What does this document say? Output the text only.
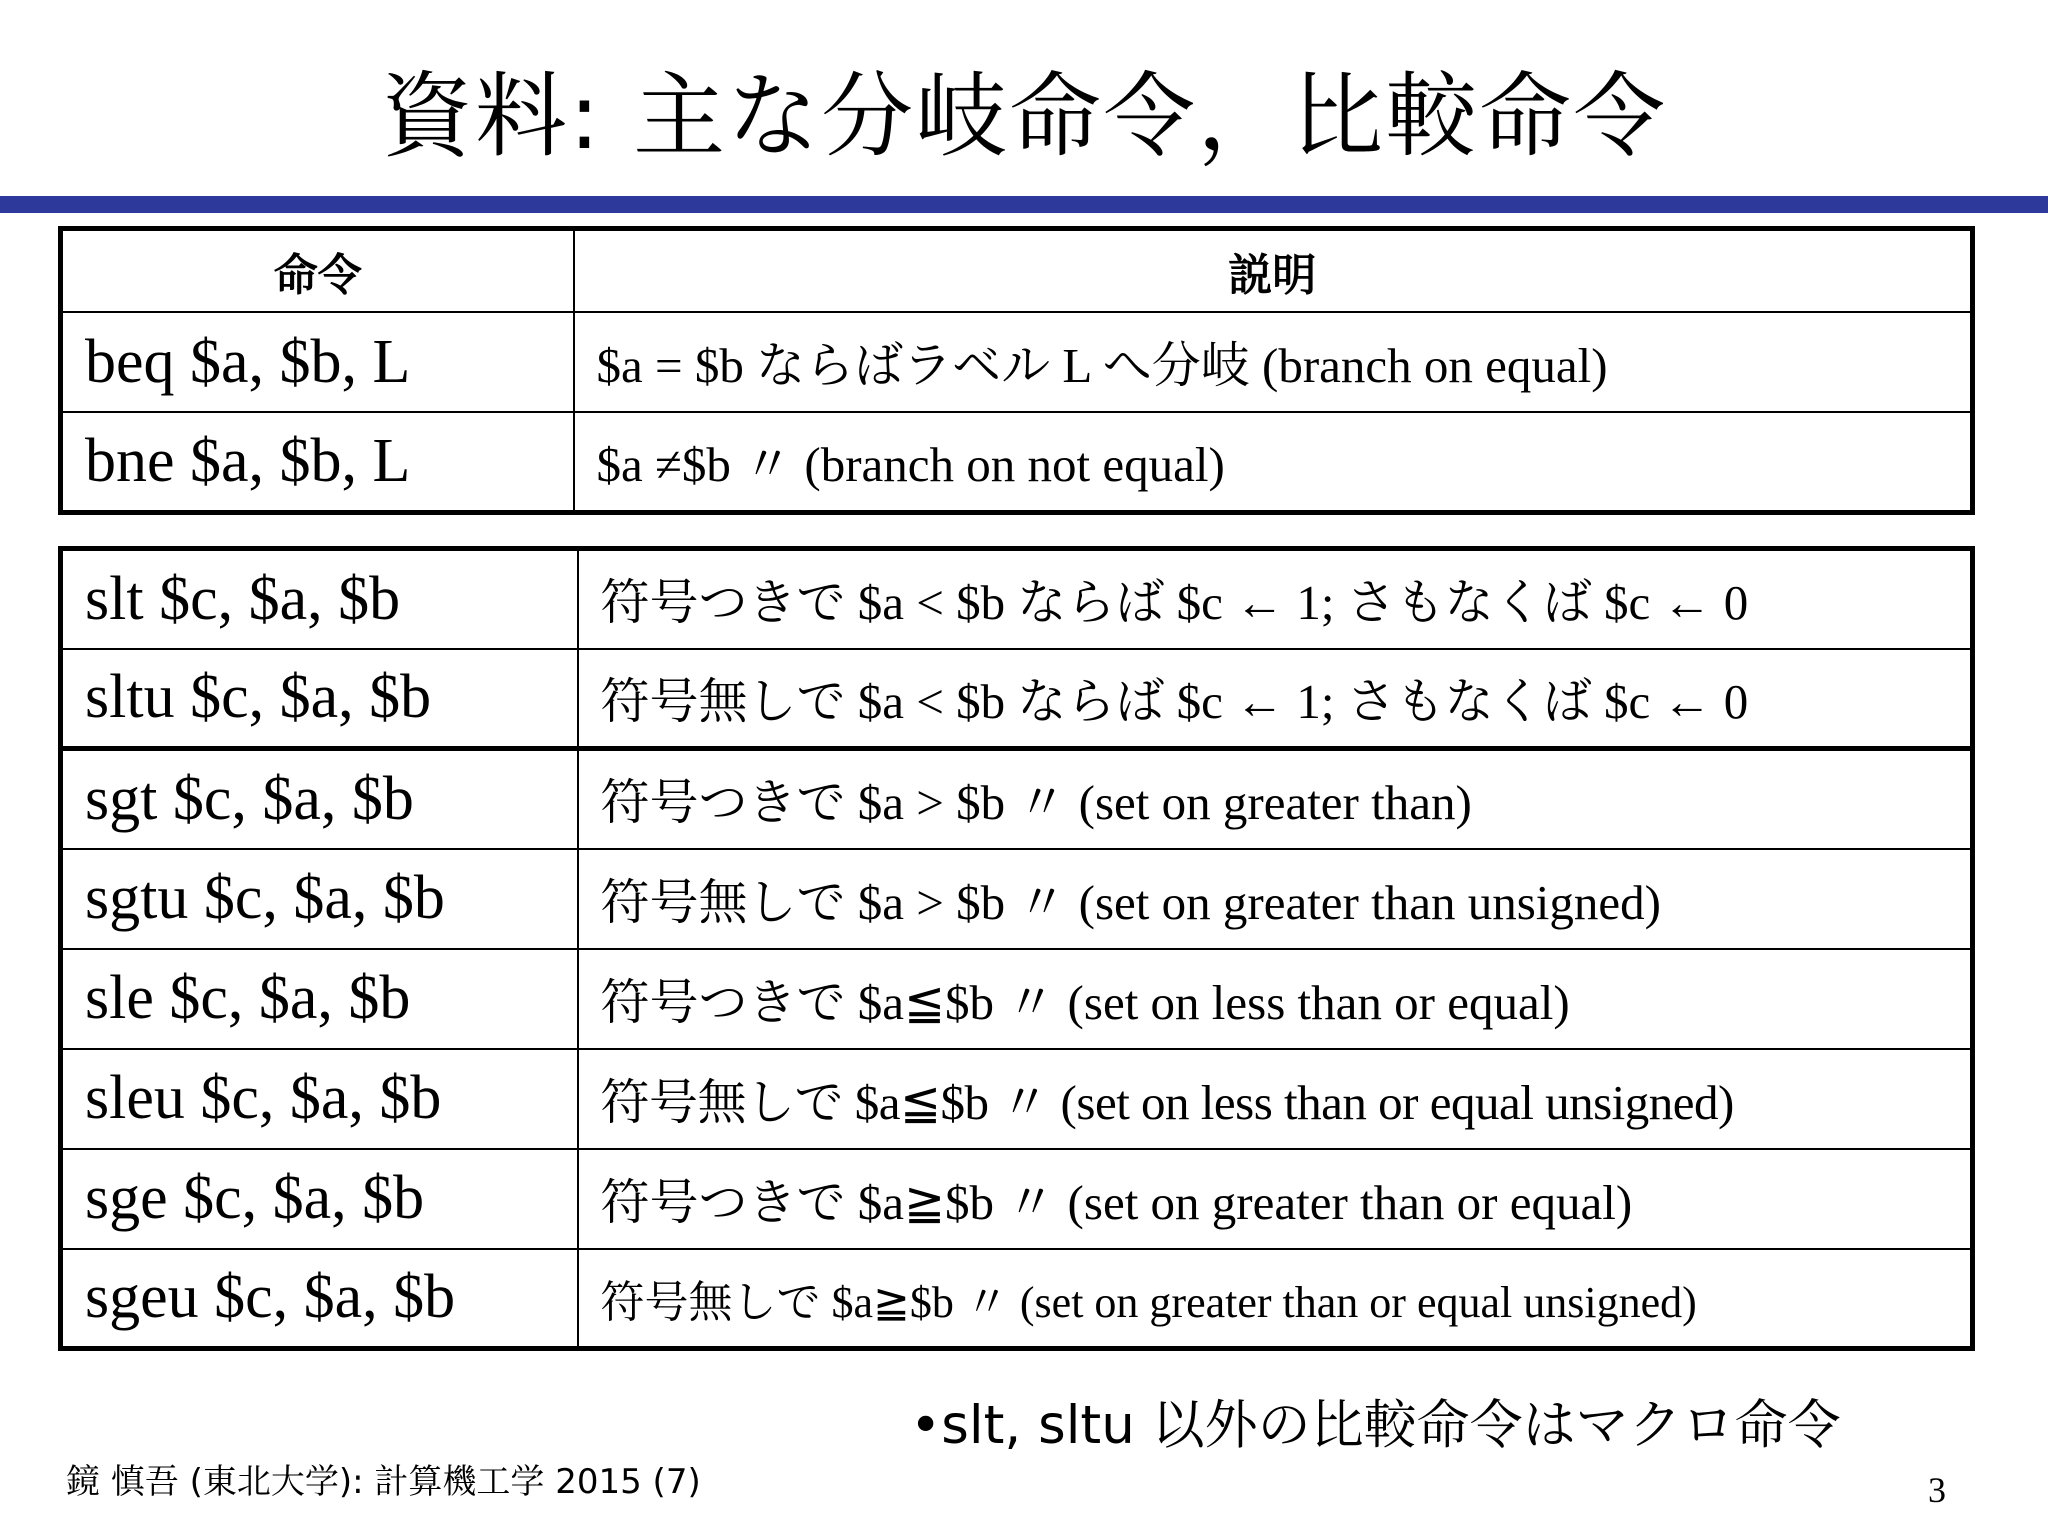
資料: 主な分岐命令，比較命令
命令	説明
beq $a, $b, L	$a = $b ならばラベル L へ分岐 (branch on equal)
bne $a, $b, L	$a ≠$b 〃 (branch on not equal)
slt $c, $a, $b	符号つきで $a < $b ならば $c ← 1; さもなくば $c ← 0
sltu $c, $a, $b	符号無しで $a < $b ならば $c ← 1; さもなくば $c ← 0
sgt $c, $a, $b	符号つきで $a > $b 〃 (set on greater than)
sgtu $c, $a, $b	符号無しで $a > $b 〃 (set on greater than unsigned)
sle $c, $a, $b	符号つきで $a≦$b 〃 (set on less than or equal)
sleu $c, $a, $b	符号無しで $a≦$b 〃 (set on less than or equal unsigned)
sge $c, $a, $b	符号つきで $a≧$b 〃 (set on greater than or equal)
sgeu $c, $a, $b	符号無しで $a≧$b 〃 (set on greater than or equal unsigned)
•slt, sltu 以外の比較命令はマクロ命令
鏡 慎吾 (東北大学): 計算機工学 2015 (7)	3
